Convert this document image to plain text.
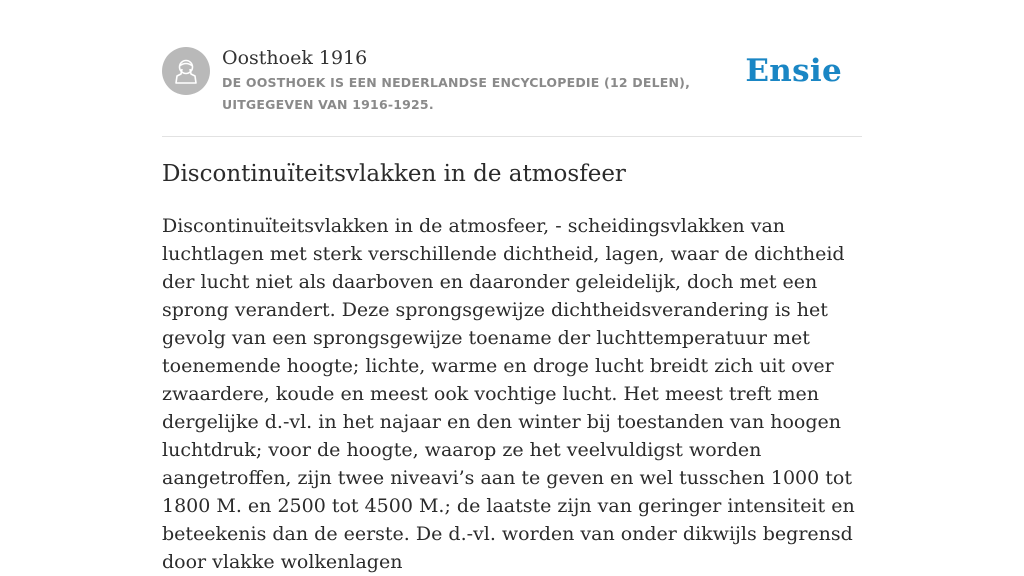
Oosthoek 1916
DE OOSTHOEK IS EEN NEDERLANDSE ENCYCLOPEDIE (12 DELEN), UITGEGEVEN VAN 1916-1925.
Ensie
Discontinuïteitsvlakken in de atmosfeer

Discontinuïteitsvlakken in de atmosfeer, - scheidingsvlakken van luchtlagen met sterk verschillende dichtheid, lagen, waar de dichtheid der lucht niet als daarboven en daaronder geleidelijk, doch met een sprong verandert. Deze sprongsgewijze dichtheidsverandering is het gevolg van een sprongsgewijze toename der luchttemperatuur met toenemende hoogte; lichte, warme en droge lucht breidt zich uit over zwaardere, koude en meest ook vochtige lucht. Het meest treft men dergelijke d.-vl. in het najaar en den winter bij toestanden van hoogen luchtdruk; voor de hoogte, waarop ze het veelvuldigst worden aangetroffen, zijn twee niveavi’s aan te geven en wel tusschen 1000 tot 1800 M. en 2500 tot 4500 M.; de laatste zijn van geringer intensiteit en beteekenis dan de eerste. De d.-vl. worden van onder dikwijls begrensd door vlakke wolkenlagen
